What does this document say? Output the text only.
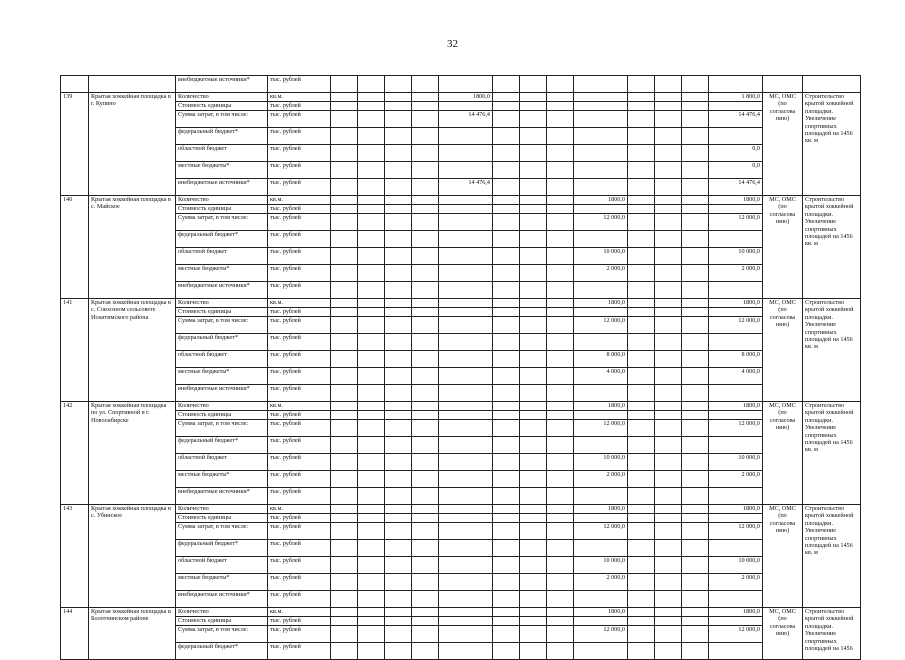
32
		внебюджетные источники*	тыс. рублей															
139	Крытая хоккейная площадка в г. Купино	Количество	кв.м.					1800,0								1 800,0	МС, ОМС (по согласова нию)	Строительство крытой хоккейной площадки. Увеличение спортивных площадей на 1456 кв. м
		Стоимость единицы	тыс. рублей															
		Сумма затрат, в том числе:	тыс. рублей					14 476,4								14 476,4		
		федеральный бюджет*	тыс. рублей															
		областной бюджет	тыс. рублей													0,0		
		местные бюджеты*	тыс. рублей													0,0		
		внебюджетные источники*	тыс. рублей					14 476,4								14 476,4		
140	Крытая хоккейная площадка в с. Майское	Количество	кв.м.									1800,0				1800,0	МС, ОМС (по согласова нию)	Строительство крытой хоккейной площадки. Увеличение спортивных площадей на 1456 кв. м
		Стоимость единицы	тыс. рублей															
		Сумма затрат, в том числе:	тыс. рублей									12 000,0				12 000,0		
		федеральный бюджет*	тыс. рублей															
		областной бюджет	тыс. рублей									10 000,0				10 000,0		
		местные бюджеты*	тыс. рублей									2 000,0				2 000,0		
		внебюджетные источники*	тыс. рублей															
141	Крытая хоккейная площадка в с. Совхозном сельсовете Искитимского района	Количество	кв.м.									1800,0				1800,0	МС, ОМС (по согласова нию)	Строительство крытой хоккейной площадки. Увеличение спортивных площадей на 1456 кв. м
		Стоимость единицы	тыс. рублей															
		Сумма затрат, в том числе:	тыс. рублей									12 000,0				12 000,0		
		федеральный бюджет*	тыс. рублей															
		областной бюджет	тыс. рублей									8 000,0				8 000,0		
		местные бюджеты*	тыс. рублей									4 000,0				4 000,0		
		внебюджетные источники*	тыс. рублей															
142	Крытая хоккейная площадка по ул. Спортивной в г. Новосибирске	Количество	кв.м.									1800,0				1800,0	МС, ОМС (по согласова нию)	Строительство крытой хоккейной площадки. Увеличение спортивных площадей на 1456 кв. м
		Стоимость единицы	тыс. рублей															
		Сумма затрат, в том числе:	тыс. рублей									12 000,0				12 000,0		
		федеральный бюджет*	тыс. рублей															
		областной бюджет	тыс. рублей									10 000,0				10 000,0		
		местные бюджеты*	тыс. рублей									2 000,0				2 000,0		
		внебюджетные источники*	тыс. рублей															
143	Крытая хоккейная площадка в с. Убинское	Количество	кв.м.									1800,0				1800,0	МС, ОМС (по согласова нию)	Строительство крытой хоккейной площадки. Увеличение спортивных площадей на 1456 кв. м
		Стоимость единицы	тыс. рублей															
		Сумма затрат, в том числе:	тыс. рублей									12 000,0				12 000,0		
		федеральный бюджет*	тыс. рублей															
		областной бюджет	тыс. рублей									10 000,0				10 000,0		
		местные бюджеты*	тыс. рублей									2 000,0				2 000,0		
		внебюджетные источники*	тыс. рублей															
144	Крытая хоккейная площадка в Болотнинском районе	Количество	кв.м.									1800,0				1800,0	МС, ОМС (по согласова нию)	Строительство крытой хоккейной площадки. Увеличение спортивных площадей на 1456
		Стоимость единицы	тыс. рублей															
		Сумма затрат, в том числе:	тыс. рублей									12 000,0				12 000,0		
		федеральный бюджет*	тыс. рублей															
